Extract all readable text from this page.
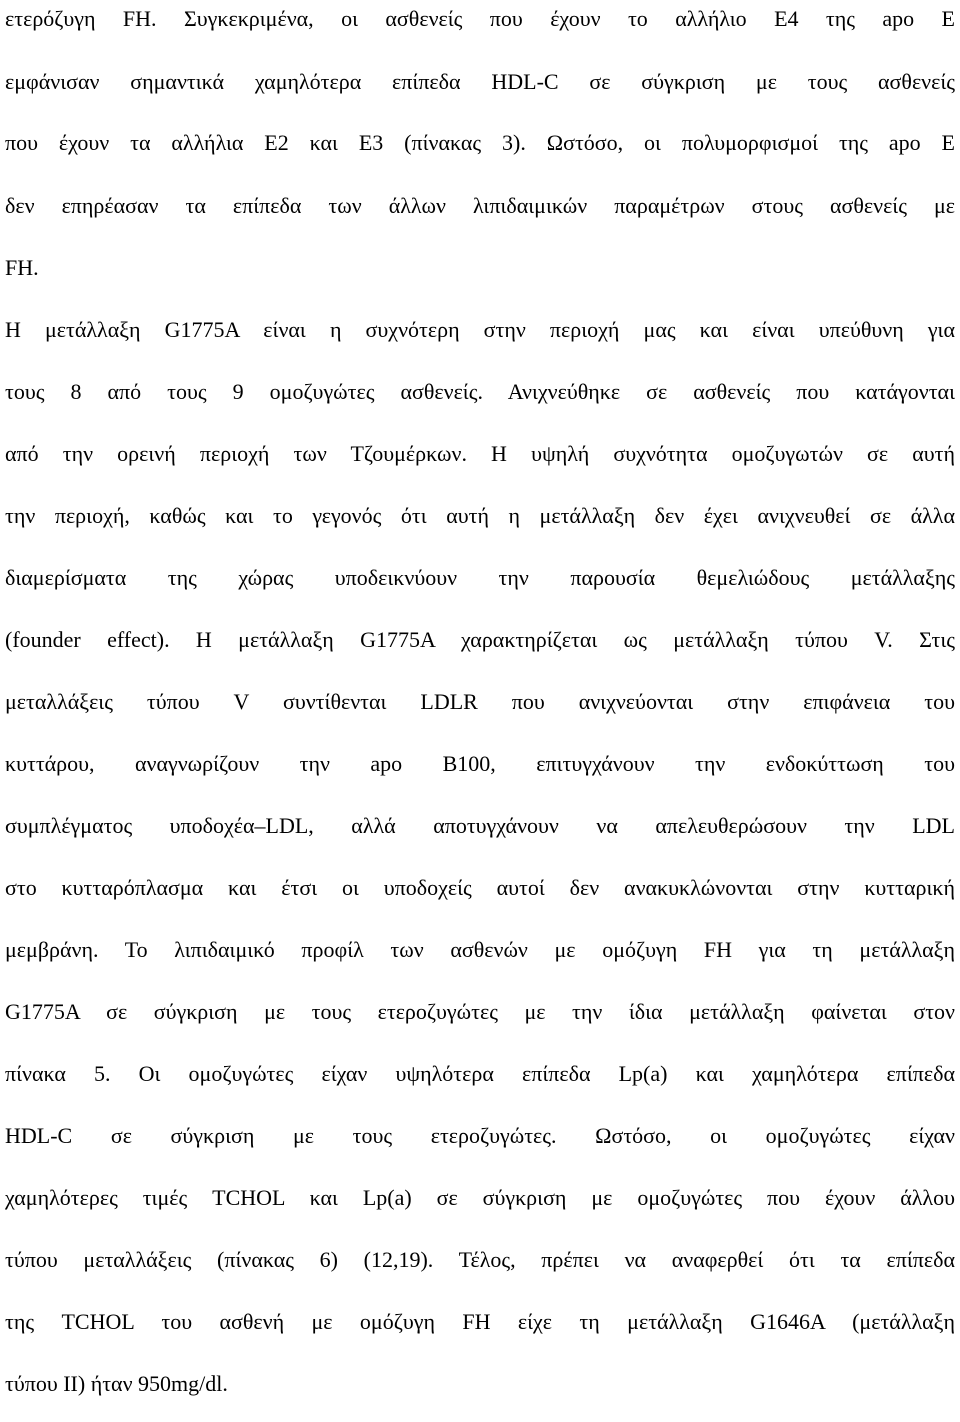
ετερόζυγη FH. Συγκεκριμένα, οι ασθενείς που έχουν το αλλήλιο Ε4 της apo E
εμφάνισαν σημαντικά χαμηλότερα επίπεδα HDL-C σε σύγκριση με τους ασθενείς
που έχουν τα αλλήλια Ε2 και Ε3 (πίνακας 3). Ωστόσο, οι πολυμορφισμοί της apo E
δεν επηρέασαν τα επίπεδα των άλλων λιπιδαιμικών παραμέτρων στους ασθενείς με
FH.
Η μετάλλαξη G1775A είναι η συχνότερη στην περιοχή μας και είναι υπεύθυνη για
τους 8 από τους 9 ομοζυγώτες ασθενείς. Ανιχνεύθηκε σε ασθενείς που κατάγονται
από την ορεινή περιοχή των Τζουμέρκων. Η υψηλή συχνότητα ομοζυγωτών σε αυτή
την περιοχή, καθώς και το γεγονός ότι αυτή η μετάλλαξη δεν έχει ανιχνευθεί σε άλλα
διαμερίσματα της χώρας υποδεικνύουν την παρουσία θεμελιώδους μετάλλαξης
(founder effect). Η μετάλλαξη G1775A χαρακτηρίζεται ως μετάλλαξη τύπου V. Στις
μεταλλάξεις τύπου V συντίθενται LDLR που ανιχνεύονται στην επιφάνεια του
κυττάρου, αναγνωρίζουν την apo B100, επιτυγχάνουν την ενδοκύττωση του
συμπλέγματος υποδοχέα–LDL, αλλά αποτυγχάνουν να απελευθερώσουν την LDL
στο κυτταρόπλασμα και έτσι οι υποδοχείς αυτοί δεν ανακυκλώνονται στην κυτταρική
μεμβράνη. Το λιπιδαιμικό προφίλ των ασθενών με ομόζυγη FH για τη μετάλλαξη
G1775A σε σύγκριση με τους ετεροζυγώτες με την ίδια μετάλλαξη φαίνεται στον
πίνακα 5. Οι ομοζυγώτες είχαν υψηλότερα επίπεδα Lp(a) και χαμηλότερα επίπεδα
HDL-C σε σύγκριση με τους ετεροζυγώτες. Ωστόσο, οι ομοζυγώτες είχαν
χαμηλότερες τιμές TCHOL και Lp(a) σε σύγκριση με ομοζυγώτες που έχουν άλλου
τύπου μεταλλάξεις (πίνακας 6) (12,19). Τέλος, πρέπει να αναφερθεί ότι τα επίπεδα
της TCHOL του ασθενή με ομόζυγη FH είχε τη μετάλλαξη G1646A (μετάλλαξη
τύπου ΙΙ) ήταν 950mg/dl.
